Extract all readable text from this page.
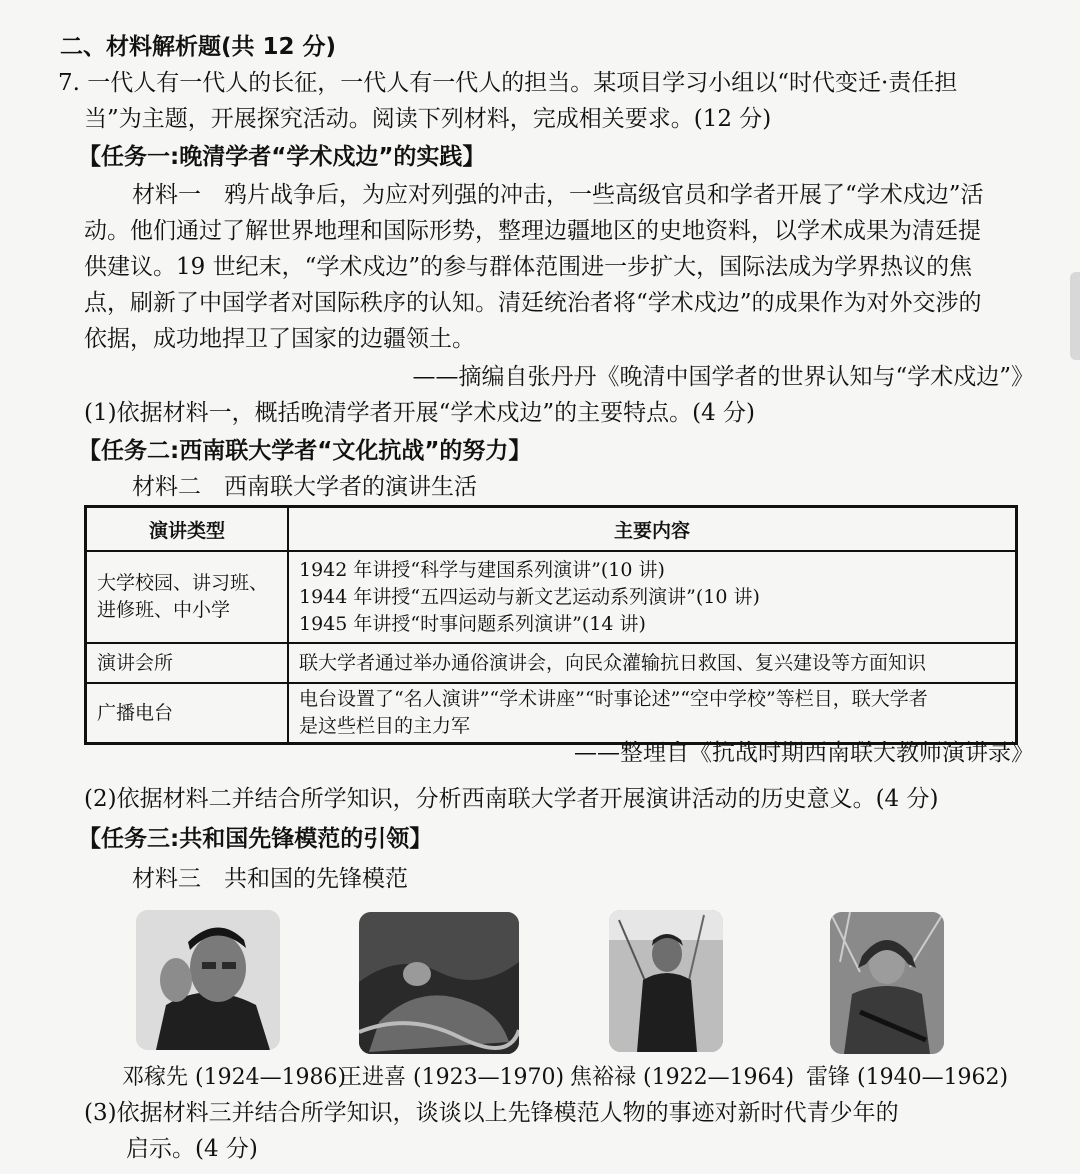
二、材料解析题(共 12 分)
7. 一代人有一代人的长征，一代人有一代人的担当。某项目学习小组以“时代变迁·责任担
当”为主题，开展探究活动。阅读下列材料，完成相关要求。(12 分)
【任务一:晚清学者“学术戍边”的实践】
材料一　鸦片战争后，为应对列强的冲击，一些高级官员和学者开展了“学术戍边”活
动。他们通过了解世界地理和国际形势，整理边疆地区的史地资料，以学术成果为清廷提
供建议。19 世纪末，“学术戍边”的参与群体范围进一步扩大，国际法成为学界热议的焦
点，刷新了中国学者对国际秩序的认知。清廷统治者将“学术戍边”的成果作为对外交涉的
依据，成功地捍卫了国家的边疆领土。
——摘编自张丹丹《晚清中国学者的世界认知与“学术戍边”》
(1)依据材料一，概括晚清学者开展“学术戍边”的主要特点。(4 分)
【任务二:西南联大学者“文化抗战”的努力】
材料二　西南联大学者的演讲生活
演讲类型	主要内容

大学校园、讲习班、
进修班、中小学	1942 年讲授“科学与建国系列演讲”(10 讲)
1944 年讲授“五四运动与新文艺运动系列演讲”(10 讲)
1945 年讲授“时事问题系列演讲”(14 讲)

演讲会所	联大学者通过举办通俗演讲会，向民众灌输抗日救国、复兴建设等方面知识

广播电台	电台设置了“名人演讲”“学术讲座”“时事论述”“空中学校”等栏目，联大学者
是这些栏目的主力军
——整理自《抗战时期西南联大教师演讲录》
(2)依据材料二并结合所学知识，分析西南联大学者开展演讲活动的历史意义。(4 分)
【任务三:共和国先锋模范的引领】
材料三　共和国的先锋模范
邓稼先 (1924—1986)
王进喜 (1923—1970) 焦裕禄 (1922—1964) 雷锋 (1940—1962)
(3)依据材料三并结合所学知识，谈谈以上先锋模范人物的事迹对新时代青少年的
启示。(4 分)
